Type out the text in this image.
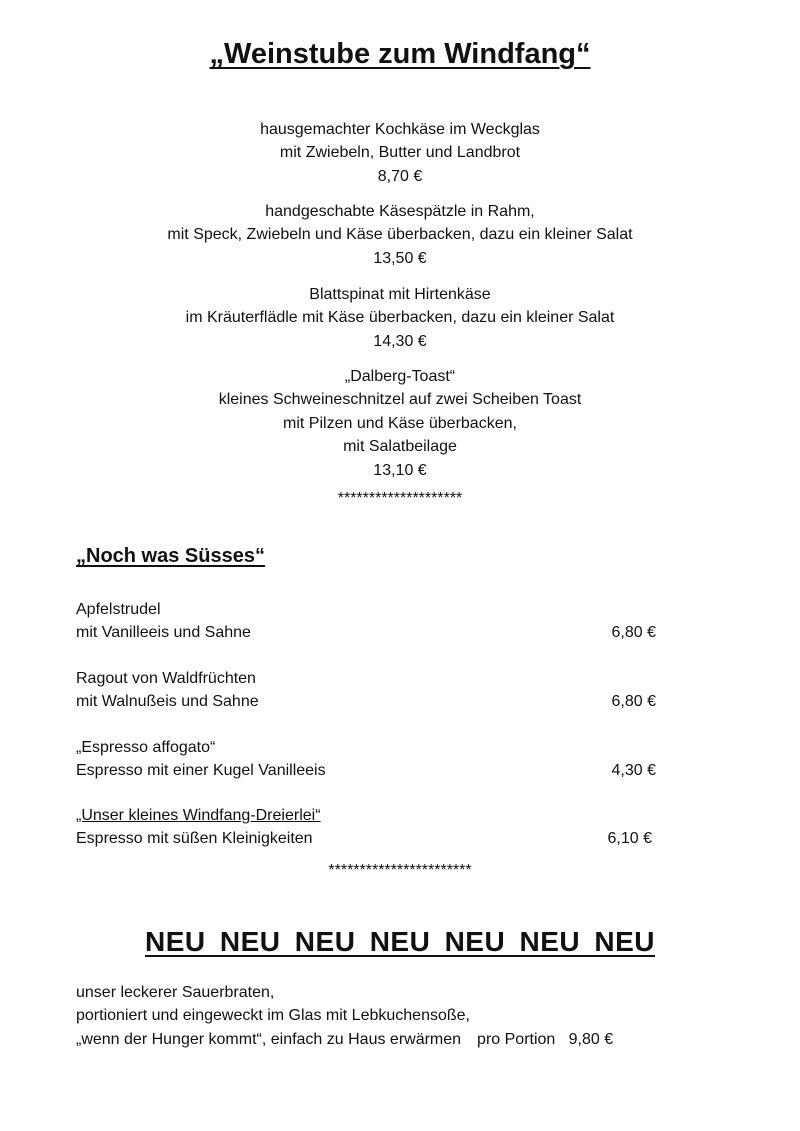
„Weinstube zum Windfang“
hausgemachter Kochkäse im Weckglas
mit Zwiebeln, Butter und Landbrot
8,70 €
handgeschabte Käsespätzle in Rahm,
mit Speck, Zwiebeln und Käse überbacken, dazu ein kleiner Salat
13,50 €
Blattspinat mit Hirtenkäse
im Kräuterflädle mit Käse überbacken, dazu ein kleiner Salat
14,30 €
„Dalberg-Toast“
kleines Schweineschnitzel auf zwei Scheiben Toast
mit Pilzen und Käse überbacken,
mit Salatbeilage
13,10 €
********************
„Noch was Süsses“
Apfelstrudel
mit Vanilleeis und Sahne	6,80 €
Ragout von Waldfrüchten
mit Walnußeis und Sahne	6,80 €
„Espresso affogato“
Espresso mit einer Kugel Vanilleeis	4,30 €
„Unser kleines Windfang-Dreierlei“
Espresso mit süßen Kleinigkeiten	6,10 €
***********************
NEU NEU NEU NEU NEU NEU NEU
unser leckerer Sauerbraten,
portioniert und eingeweckt im Glas mit Lebkuchensoße,
„wenn der Hunger kommt“, einfach zu Haus erwärmen pro Portion   9,80 €
